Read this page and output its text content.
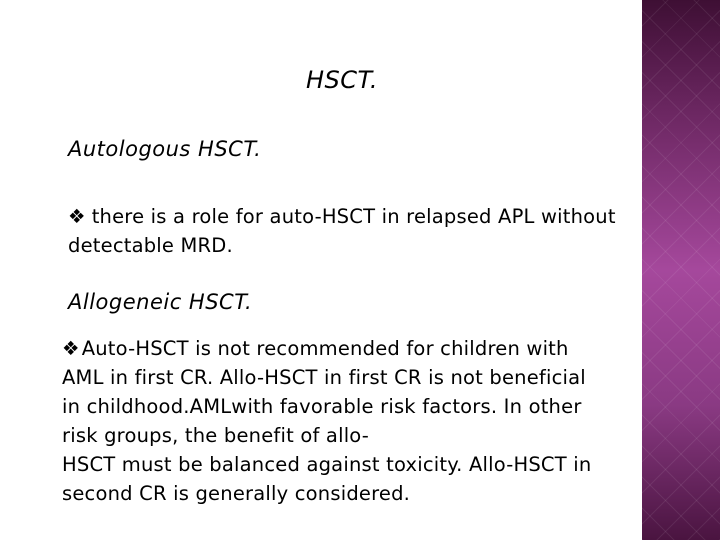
HSCT.
Autologous HSCT.
❖ there is a role for auto-HSCT in relapsed APL without
detectable MRD.
Allogeneic HSCT.
❖ Auto-HSCT is not recommended for children with
AML in first CR. Allo-HSCT in first CR is not beneficial
in childhood.AMLwith favorable risk factors. In other
risk groups, the benefit of allo-
HSCT must be balanced against toxicity. Allo-HSCT in
second CR is generally considered.
